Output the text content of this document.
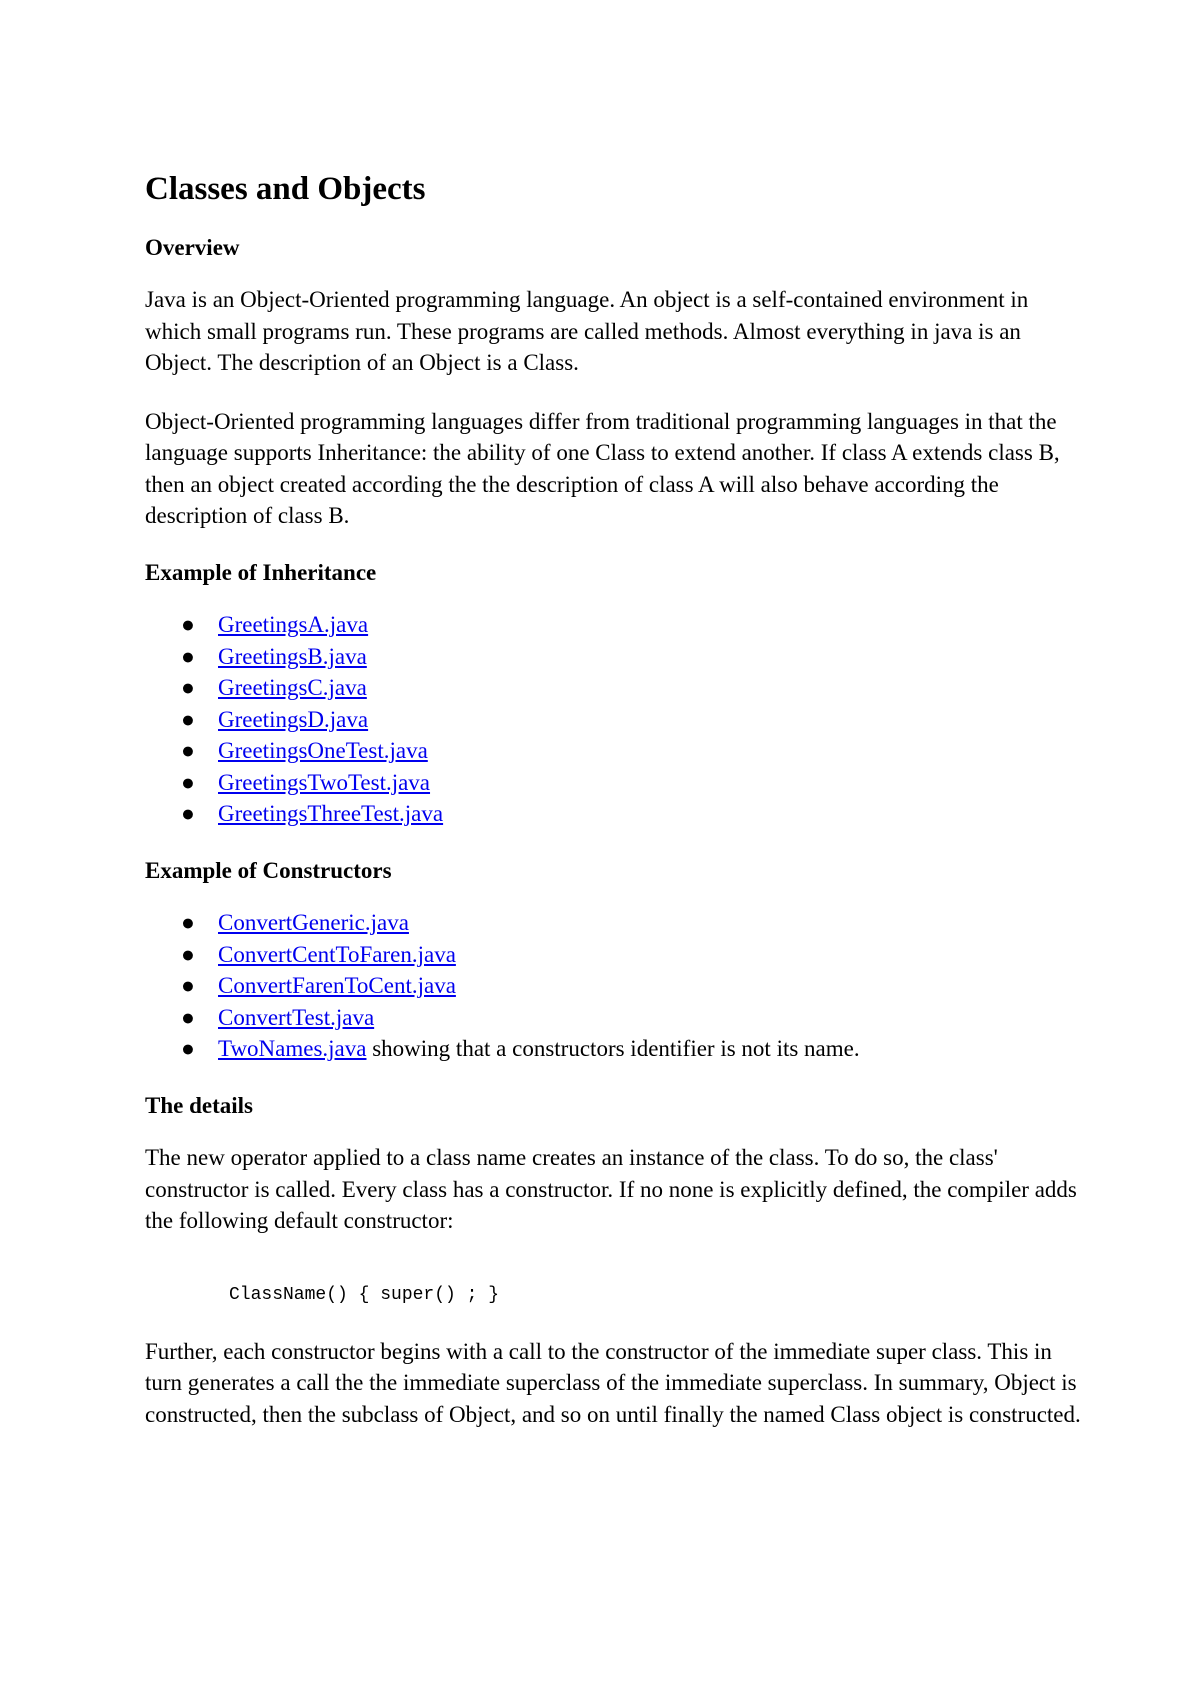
Classes and Objects
Overview

Java is an Object-Oriented programming language. An object is a self-contained environment in which small programs run. These programs are called methods. Almost everything in java is an Object. The description of an Object is a Class.

Object-Oriented programming languages differ from traditional programming languages in that the language supports Inheritance: the ability of one Class to extend another. If class A extends class B, then an object created according the the description of class A will also behave according the description of class B.

Example of Inheritance
● GreetingsA.java
● GreetingsB.java
● GreetingsC.java
● GreetingsD.java
● GreetingsOneTest.java
● GreetingsTwoTest.java
● GreetingsThreeTest.java
Example of Constructors
● ConvertGeneric.java
● ConvertCentToFaren.java
● ConvertFarenToCent.java
● ConvertTest.java
● TwoNames.java showing that a constructors identifier is not its name.
The details

The new operator applied to a class name creates an instance of the class. To do so, the class' constructor is called. Every class has a constructor. If no none is explicitly defined, the compiler adds the following default constructor:

ClassName() { super() ; }

Further, each constructor begins with a call to the constructor of the immediate super class. This in turn generates a call the the immediate superclass of the immediate superclass. In summary, Object is constructed, then the subclass of Object, and so on until finally the named Class object is constructed.
